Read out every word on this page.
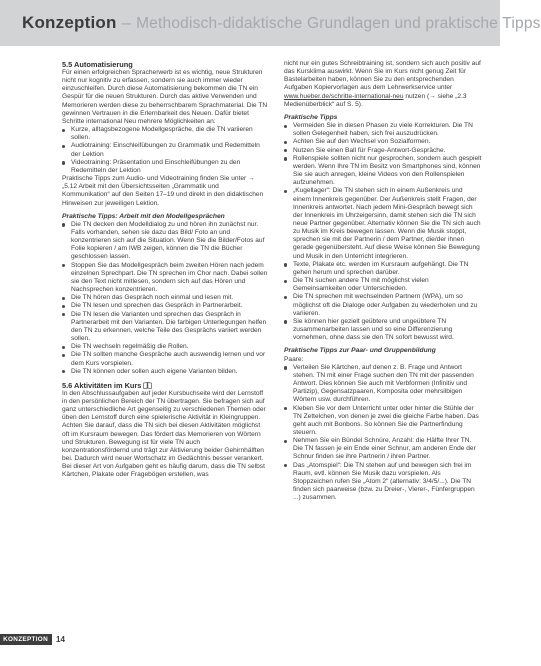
Konzeption – Methodisch-didaktische Grundlagen und praktische Tipps
5.5 Automatisierung

Für einen erfolgreichen Spracherwerb ist es wichtig, neue Strukturen nicht nur kognitiv zu erfassen, sondern sie auch immer wieder einzuschleifen. Durch diese Automatisierung bekommen die TN ein Gespür für die neuen Strukturen. Durch das aktive Verwenden und Memorieren werden diese zu beherrschbarem Sprachmaterial. Die TN gewinnen Vertrauen in die Erlernbarkeit des Neuen. Dafür bietet Schritte international Neu mehrere Möglichkeiten an:

Kurze, alltagsbezogene Modellgespräche, die die TN variieren sollen.
Audiotraining: Einschleifübungen zu Grammatik und Redemitteln der Lektion
Videotraining: Präsentation und Einschleifübungen zu den Redemitteln der Lektion

Praktische Tipps zum Audio- und Videotraining finden Sie unter → „5.12 Arbeit mit den Übersichtsseiten „Grammatik und Kommunikation“ auf den Seiten 17–19 und direkt in den didaktischen Hinweisen zur jeweiligen Lektion.

Praktische Tipps: Arbeit mit den Modellgesprächen
Die TN decken den Modelldialog zu und hören ihn zunächst nur. Falls vorhanden, sehen sie dazu das Bild/ Foto an und konzentrieren sich auf die Situation. Wenn Sie die Bilder/Fotos auf Folie kopieren / am IWB zeigen, können die TN die Bücher geschlossen lassen.
Stoppen Sie das Modellgespräch beim zweiten Hören nach jedem einzelnen Sprechpart. Die TN sprechen im Chor nach. Dabei sollen sie den Text nicht mitlesen, sondern sich auf das Hören und Nachsprechen konzentrieren.
Die TN hören das Gespräch noch einmal und lesen mit.
Die TN lesen und sprechen das Gespräch in Partnerarbeit.
Die TN lesen die Varianten und sprechen das Gespräch in Partnerarbeit mit den Varianten. Die farbigen Unterlegungen helfen den TN zu erkennen, welche Teile des Gesprächs variiert werden sollen.
Die TN wechseln regelmäßig die Rollen.
Die TN sollten manche Gespräche auch auswendig lernen und vor dem Kurs vorspielen.
Die TN können oder sollen auch eigene Varianten bilden.
5.6 Aktivitäten im Kurs

In den Abschlussaufgaben auf jeder Kursbuchseite wird der Lernstoff in den persönlichen Bereich der TN übertragen. Sie befragen sich auf ganz unterschiedliche Art gegenseitig zu verschiedenen Themen oder üben den Lernstoff durch eine spielerische Aktivität in Kleingruppen.

Achten Sie darauf, dass die TN sich bei diesen Aktivitäten möglichst oft im Kursraum bewegen. Das fördert das Memorieren von Wörtern und Strukturen. Bewegung ist für viele TN auch konzentrationsfördernd und trägt zur Aktivierung beider Gehirnhälften bei. Dadurch wird neuer Wortschatz im Gedächtnis besser verankert.

Bei dieser Art von Aufgaben geht es häufig darum, dass die TN selbst Kärtchen, Plakate oder Fragebögen erstellen, was

nicht nur ein gutes Schreibtraining ist, sondern sich auch positiv auf das Kursklima auswirkt. Wenn Sie im Kurs nicht genug Zeit für Bastelarbeiten haben, können Sie zu den entsprechenden Aufgaben Kopiervorlagen aus dem Lehrwerkservice unter www.hueber.de/schritte-international-neu nutzen (→ siehe „2.3 Medienüberblick“ auf S. 5).

Praktische Tipps
Vermeiden Sie in diesen Phasen zu viele Korrekturen. Die TN sollen Gelegenheit haben, sich frei auszudrücken.
Achten Sie auf den Wechsel von Sozialformen.
Nutzen Sie einen Ball für Frage-Antwort-Gespräche.
Rollenspiele sollten nicht nur gesprochen, sondern auch gespielt werden. Wenn Ihre TN im Besitz von Smartphones sind, können Sie sie auch anregen, kleine Videos von den Rollenspielen aufzunehmen.
„Kugellager“: Die TN stehen sich in einem Außenkreis und einem Innenkreis gegenüber. Der Außenkreis stellt Fragen, der Innenkreis antwortet. Nach jedem Mini-Gespräch bewegt sich der Innenkreis im Uhrzeigersinn, damit stehen sich die TN sich neue Partner gegenüber. Alternativ können Sie die TN sich auch zu Musik im Kreis bewegen lassen. Wenn die Musik stoppt, sprechen sie mit der Partnerin / dem Partner, die/der ihnen gerade gegenübersteht. Auf diese Weise können Sie Bewegung und Musik in den Unterricht integrieren.
Texte, Plakate etc. werden im Kursraum aufgehängt. Die TN gehen herum und sprechen darüber.
Die TN suchen andere TN mit möglichst vielen Gemeinsamkeiten oder Unterschieden.
Die TN sprechen mit wechselnden Partnern (WPA), um so möglichst oft die Dialoge oder Aufgaben zu wiederholen und zu variieren.
Sie können hier gezielt geübtere und ungeübtere TN zusammenarbeiten lassen und so eine Differenzierung vornehmen, ohne dass sie den TN sofort bewusst wird.
Praktische Tipps zur Paar- und Gruppenbildung

Paare:

Verteilen Sie Kärtchen, auf denen z. B. Frage und Antwort stehen. TN mit einer Frage suchen den TN mit der passenden Antwort. Dies können Sie auch mit Verbformen (Infinitiv und Partizip), Gegensatzpaaren, Komposita oder mehrsilbigen Wörtern usw. durchführen.
Kleben Sie vor dem Unterricht unter oder hinter die Stühle der TN Zettelchen, von denen je zwei die gleiche Farbe haben. Das geht auch mit Bonbons. So können Sie die Partnerfindung steuern.
Nehmen Sie ein Bündel Schnüre, Anzahl: die Hälfte Ihrer TN. Die TN fassen je ein Ende einer Schnur, am anderen Ende der Schnur finden sie ihre Partnerin / ihren Partner.
Das „Atomspiel“: Die TN stehen auf und bewegen sich frei im Raum, evtl. können Sie Musik dazu vorspielen. Als Stoppzeichen rufen Sie „Atom 2“ (alternativ: 3/4/5/...). Die TN finden sich paarweise (bzw. zu Dreier-, Vierer-, Fünfergruppen ...) zusammen.
KONZEPTION	14
